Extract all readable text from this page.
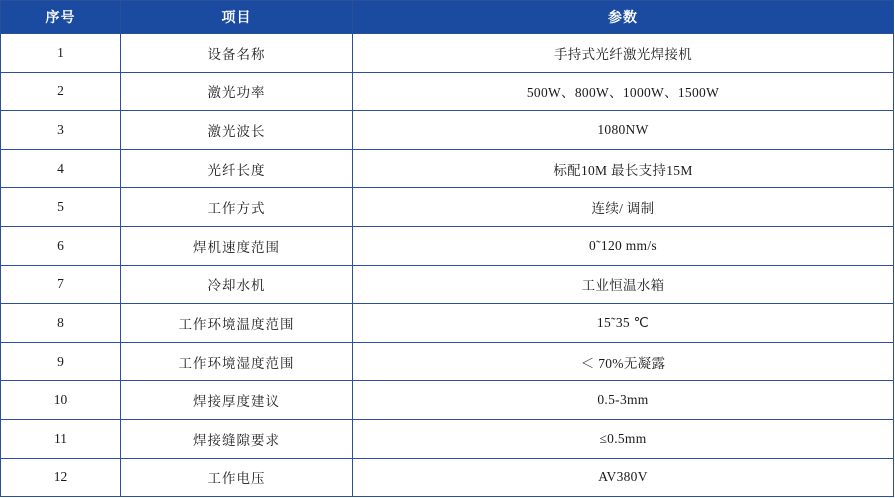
序号	项目	参数
1	设备名称	手持式光纤激光焊接机
2	激光功率	500W、800W、1000W、1500W
3	激光波长	1080NW
4	光纤长度	标配10M 最长支持15M
5	工作方式	连续/ 调制
6	焊机速度范围	0˜120 mm/s
7	冷却水机	工业恒温水箱
8	工作环境温度范围	15˜35 ℃
9	工作环境湿度范围	＜ 70%无凝露
10	焊接厚度建议	0.5-3mm
11	焊接缝隙要求	≤0.5mm
12	工作电压	AV380V
